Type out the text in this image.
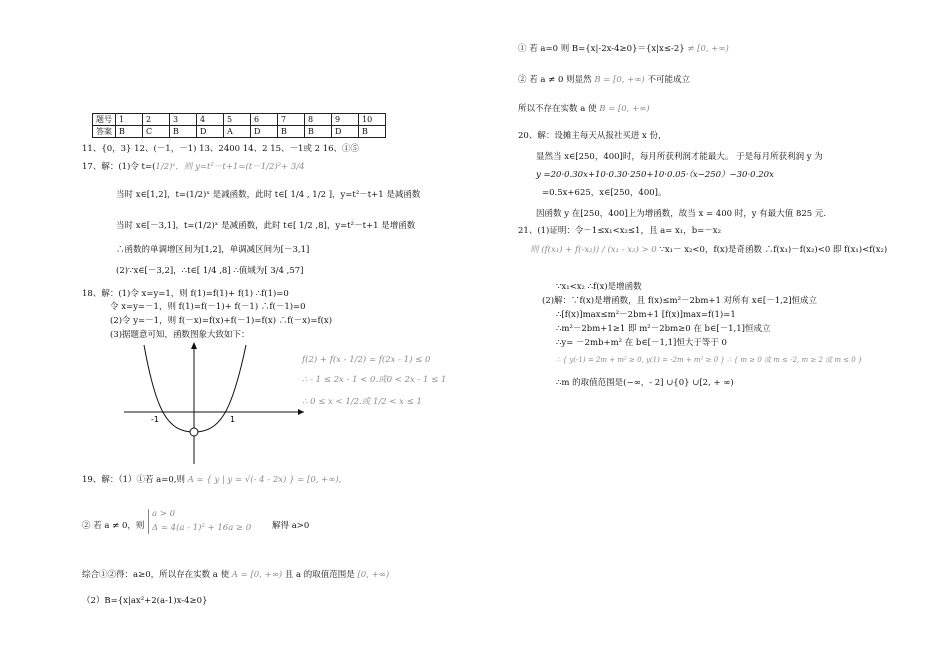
题号	1	2	3	4	5	6	7	8	9	10
答案	B	C	B	D	A	D	B	B	D	B
11、{0，3} 12、(－1，－1) 13、2400 14、2 15、－1或 2 16、①⑤
17、解：(1)令 t=(1/2)ˣ，则 y=t²－t+1=(t－1/2)²+ 3/4
当时 x∈[1,2]，t=(1/2)ˣ 是减函数，此时 t∈[ 1/4 , 1/2 ]，y=t²－t+1 是减函数
当时 x∈[－3,1]，t=(1/2)ˣ 是减函数，此时 t∈[ 1/2 ,8]，y=t²－t+1 是增函数
∴函数的单调增区间为[1,2]，单调减区间为[－3,1]
(2)∵x∈[－3,2]，∴t∈[ 1/4 ,8] ∴值域为[ 3/4 ,57]
18、解：(1)令 x=y=1，则 f(1)=f(1)+ f(1) ∴f(1)=0
令 x=y=－1，则 f(1)=f(－1)+ f(－1) ∴f(－1)=0
(2)令 y=－1，则 f(－x)=f(x)+f(－1)=f(x) ∴f(－x)=f(x)
(3)据题意可知，函数图象大致如下：
f(2) + f(x - 1/2) = f(2x - 1) ≤ 0
∴ - 1 ≤ 2x - 1 < 0.或0 < 2x - 1 ≤ 1
∴ 0 ≤ x < 1/2.或 1/2 < x ≤ 1
-1	1
19、解：（1）①若 a=0,则 A = { y | y = √(- 4 - 2x) } = [0, +∞),
② 若 a ≠ 0，则
a > 0
Δ = 4(a - 1)² + 16a ≥ 0 解得 a>0
综合①②得：a≥0，所以存在实数 a 使 A = [0, +∞) 且 a 的取值范围是 [0, +∞)
（2）B={x|ax²+2(a-1)x-4≥0}
① 若 a=0 则 B={x|-2x-4≥0}＝{x|x≤-2} ≠ [0, +∞)
② 若 a ≠ 0 则显然 B = [0, +∞) 不可能成立
所以不存在实数 a 使 B = [0, +∞)
20、解：设摊主每天从报社买进 x 份，
显然当 x∈[250，400]时，每月所获利润才能最大。 于是每月所获利润 y 为
y =20·0.30x+10·0.30·250+10·0.05·（x−250）−30·0.20x
=0.5x+625，x∈[250，400]。
因函数 y 在[250，400]上为增函数，故当 x = 400 时，y 有最大值 825 元.
21、(1)证明：令－1≤x₁<x₂≤1，且 a= x₁，b=－x₂
则 (f(x₁) + f(-x₂)) / (x₁ - x₂) > 0 ∵x₁－ x₂<0，f(x)是奇函数 ∴f(x₁)－f(x₂)<0 即 f(x₁)<f(x₂)
∵x₁<x₂ ∴f(x)是增函数
(2)解：∵f(x)是增函数，且 f(x)≤m²－2bm+1 对所有 x∈[－1,2]恒成立
∴[f(x)]max≤m²－2bm+1 [f(x)]max=f(1)=1
∴m²－2bm+1≥1 即 m²－2bm≥0 在 b∈[－1,1]恒成立
∴y= －2mb+m² 在 b∈[－1,1]恒大于等于 0
∴ { y(-1) = 2m + m² ≥ 0, y(1) = -2m + m² ≥ 0 } ∴ { m ≥ 0 或 m ≤ -2, m ≥ 2 或 m ≤ 0 }
∴m 的取值范围是(−∞，- 2] ∪{0} ∪[2, + ∞)
